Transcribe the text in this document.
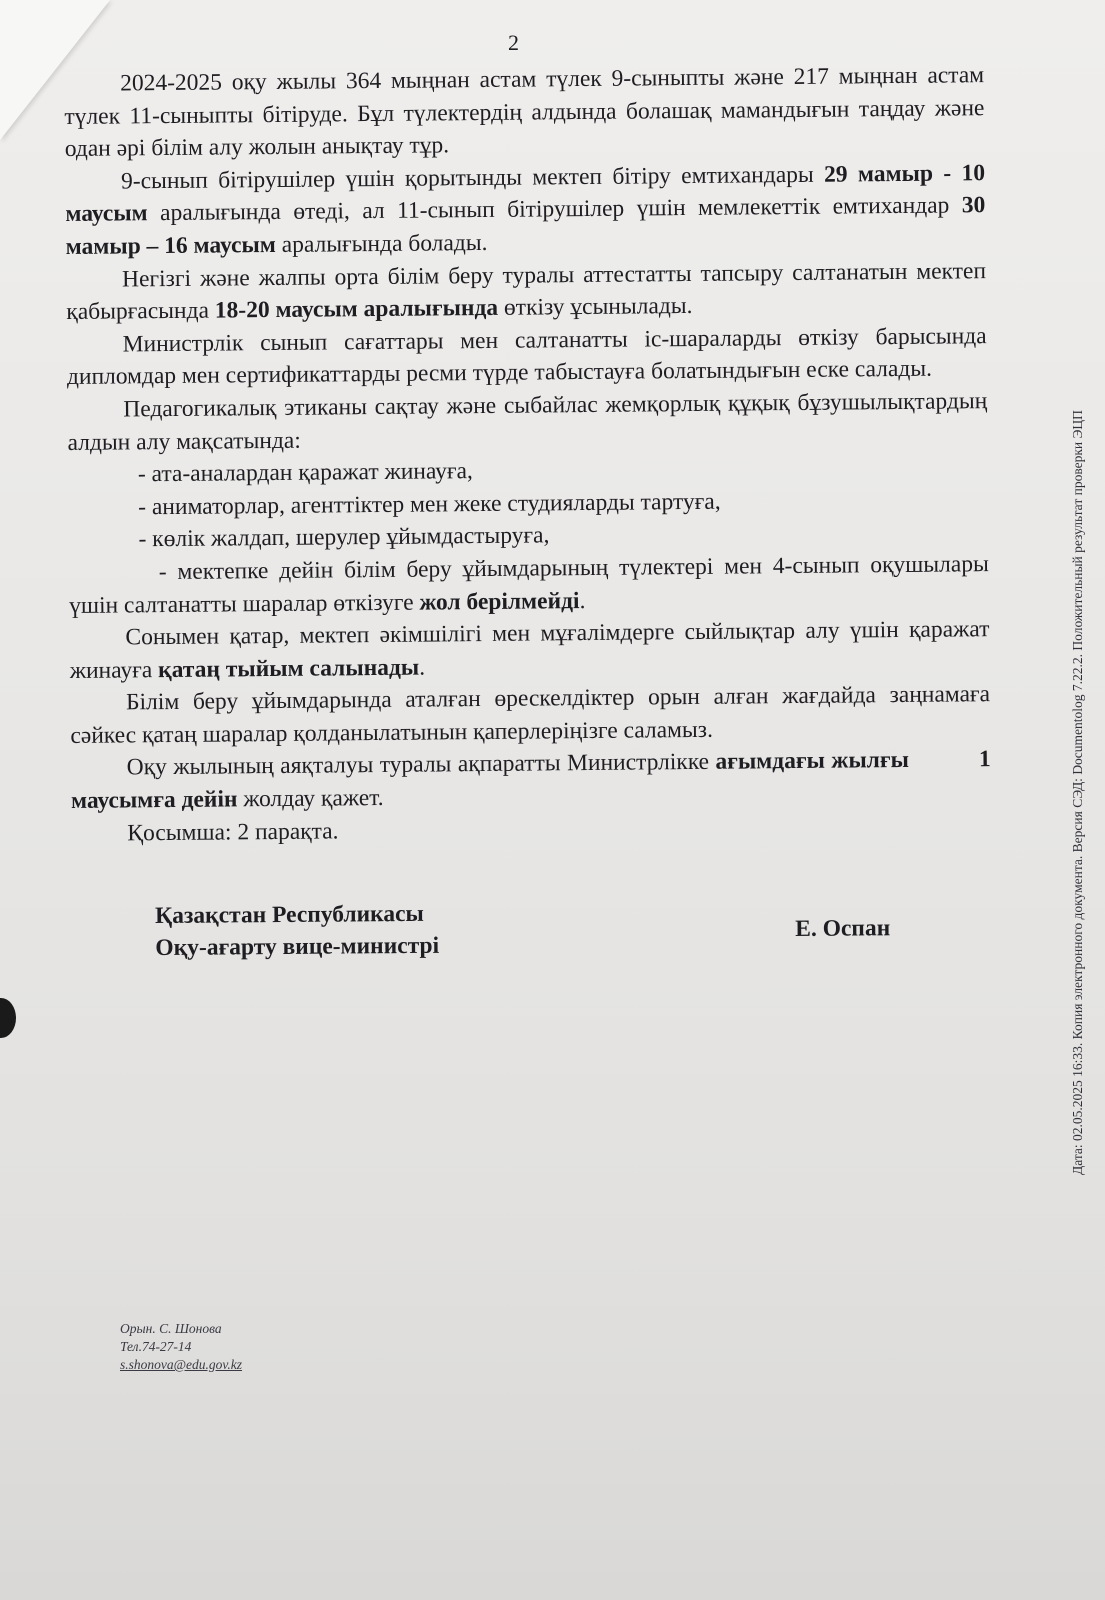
2

2024-2025 оқу жылы 364 мыңнан астам түлек 9-сыныпты және 217 мыңнан астам түлек 11-сыныпты бітіруде. Бұл түлектердің алдында болашақ мамандығын таңдау және одан әрі білім алу жолын анықтау тұр.

9-сынып бітірушілер үшін қорытынды мектеп бітіру емтихандары 29 мамыр - 10 маусым аралығында өтеді, ал 11-сынып бітірушілер үшін мемлекеттік емтихандар 30 мамыр – 16 маусым аралығында болады.

Негізгі және жалпы орта білім беру туралы аттестатты тапсыру салтанатын мектеп қабырғасында 18-20 маусым аралығында өткізу ұсынылады.

Министрлік сынып сағаттары мен салтанатты іс-шараларды өткізу барысында дипломдар мен сертификаттарды ресми түрде табыстауға болатындығын еске салады.

Педагогикалық этиканы сақтау және сыбайлас жемқорлық құқық бұзушылықтардың алдын алу мақсатында:

- ата-аналардан қаражат жинауға,

- аниматорлар, агенттіктер мен жеке студияларды тартуға,

- көлік жалдап, шерулер ұйымдастыруға,

- мектепке дейін білім беру ұйымдарының түлектері мен 4-сынып оқушылары үшін салтанатты шаралар өткізуге жол берілмейді.

Сонымен қатар, мектеп әкімшілігі мен мұғалімдерге сыйлықтар алу үшін қаражат жинауға қатаң тыйым салынады.

Білім беру ұйымдарында аталған өрескелдіктер орын алған жағдайда заңнамаға сәйкес қатаң шаралар қолданылатынын қаперлеріңізге саламыз.

Оқу жылының аяқталуы туралы ақпаратты Министрлікке ағымдағы жылғы	1 маусымға дейін жолдау қажет.

Қосымша: 2 парақта.

Қазақстан Республикасы
Оқу-ағарту вице-министрі
Е. Оспан
Орын. С. Шонова
Тел.74-27-14
s.shonova@edu.gov.kz
Дата: 02.05.2025 16:33. Копия электронного документа. Версия СЭД: Documentolog 7.22.2. Положительный результат проверки ЭЦП
